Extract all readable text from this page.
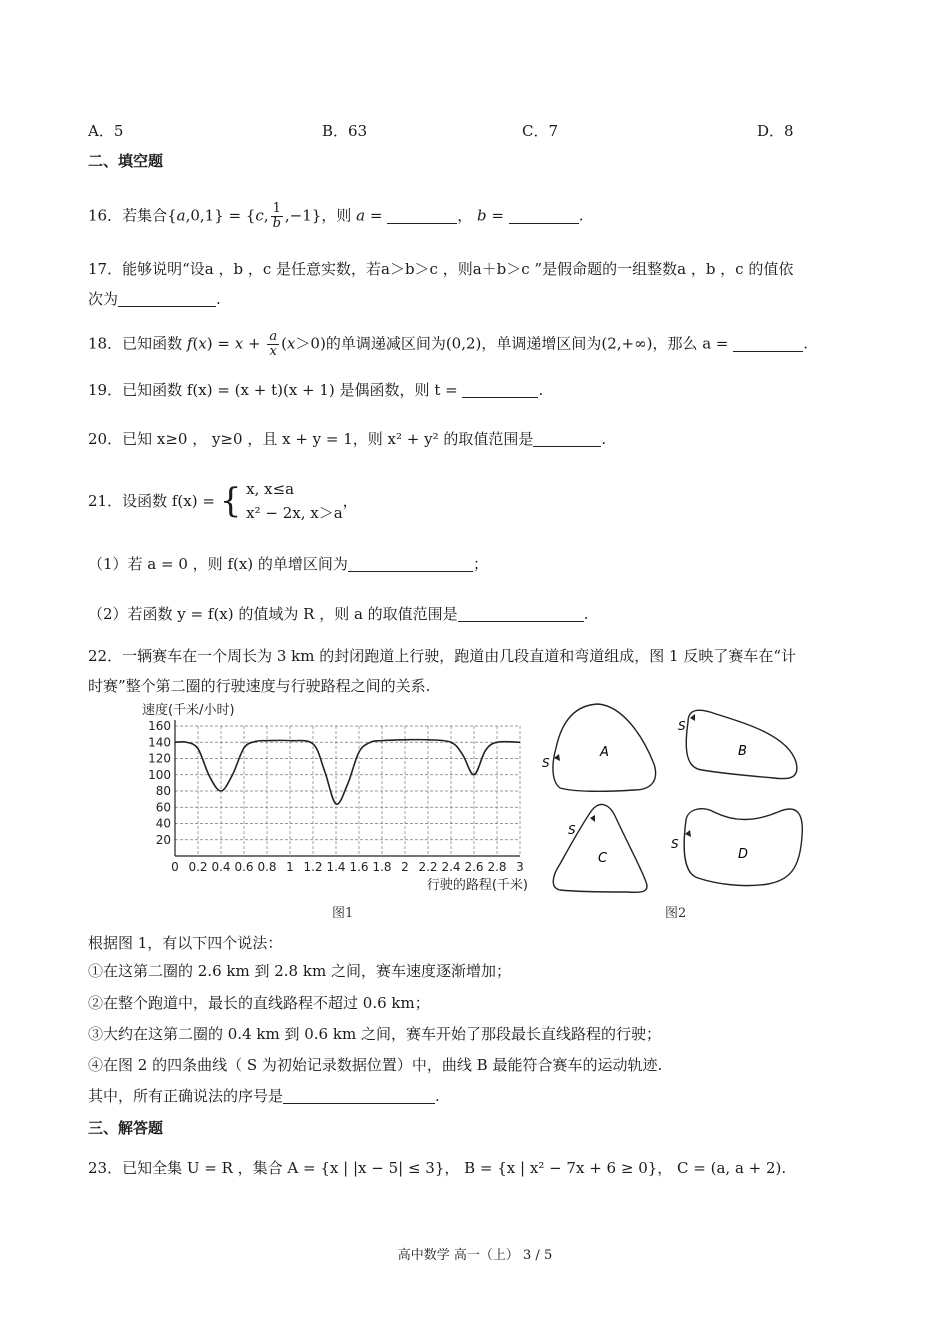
A．5	B．63	C．7	D．8
二、填空题
16．若集合{a,0,1} = {c, $\frac{1}{b} ,-1$}，则 a =	， b =	.
17．能够说明“设a ，b ，c 是任意实数，若a＞b＞c ，则a＋b＞c ”是假命题的一组整数a ，b ，c 的值依
次为	.
18．已知函数 $f(x) = x + \frac{a}{x} (x>0)$的单调递减区间为(0,2)，单调递增区间为(2,+∞)，那么 a =	.
19．已知函数 f(x) = (x + t)(x + 1) 是偶函数，则 t =	.
20．已知 x≥0 ， y≥0 ，且 x + y = 1，则 x² + y² 的取值范围是	.
21．设函数 f(x) = { x, x≤a
x² − 2x, x＞a
，
（1）若 a = 0 ，则 f(x) 的单增区间为	；
（2）若函数 y = f(x) 的值域为 R ，则 a 的取值范围是	.
22．一辆赛车在一个周长为 3 km 的封闭跑道上行驶，跑道由几段直道和弯道组成，图 1 反映了赛车在“计
时赛”整个第二圈的行驶速度与行驶路程之间的关系.
20
40
60
80
100
120
140
160
0 0.2 0.4 0.6 0.8 1 1.2 1.4 1.6 1.8 2 2.2 2.4 2.6 2.8 3
速度(千米/小时)
行驶的路程(千米)
图1
A
S
B
S
C
S
D
S
图2
根据图 1，有以下四个说法：
①在这第二圈的 2.6 km 到 2.8 km 之间，赛车速度逐渐增加；
②在整个跑道中，最长的直线路程不超过 0.6 km；
③大约在这第二圈的 0.4 km 到 0.6 km 之间，赛车开始了那段最长直线路程的行驶；
④在图 2 的四条曲线（ S 为初始记录数据位置）中，曲线 B 最能符合赛车的运动轨迹.
其中，所有正确说法的序号是	.
三、解答题
23．已知全集 U = R ，集合 A = {x | |x − 5| ≤ 3}， B = {x | x² − 7x + 6 ≥ 0}， C = (a, a + 2).
高中数学 高一（上） 3 / 5
